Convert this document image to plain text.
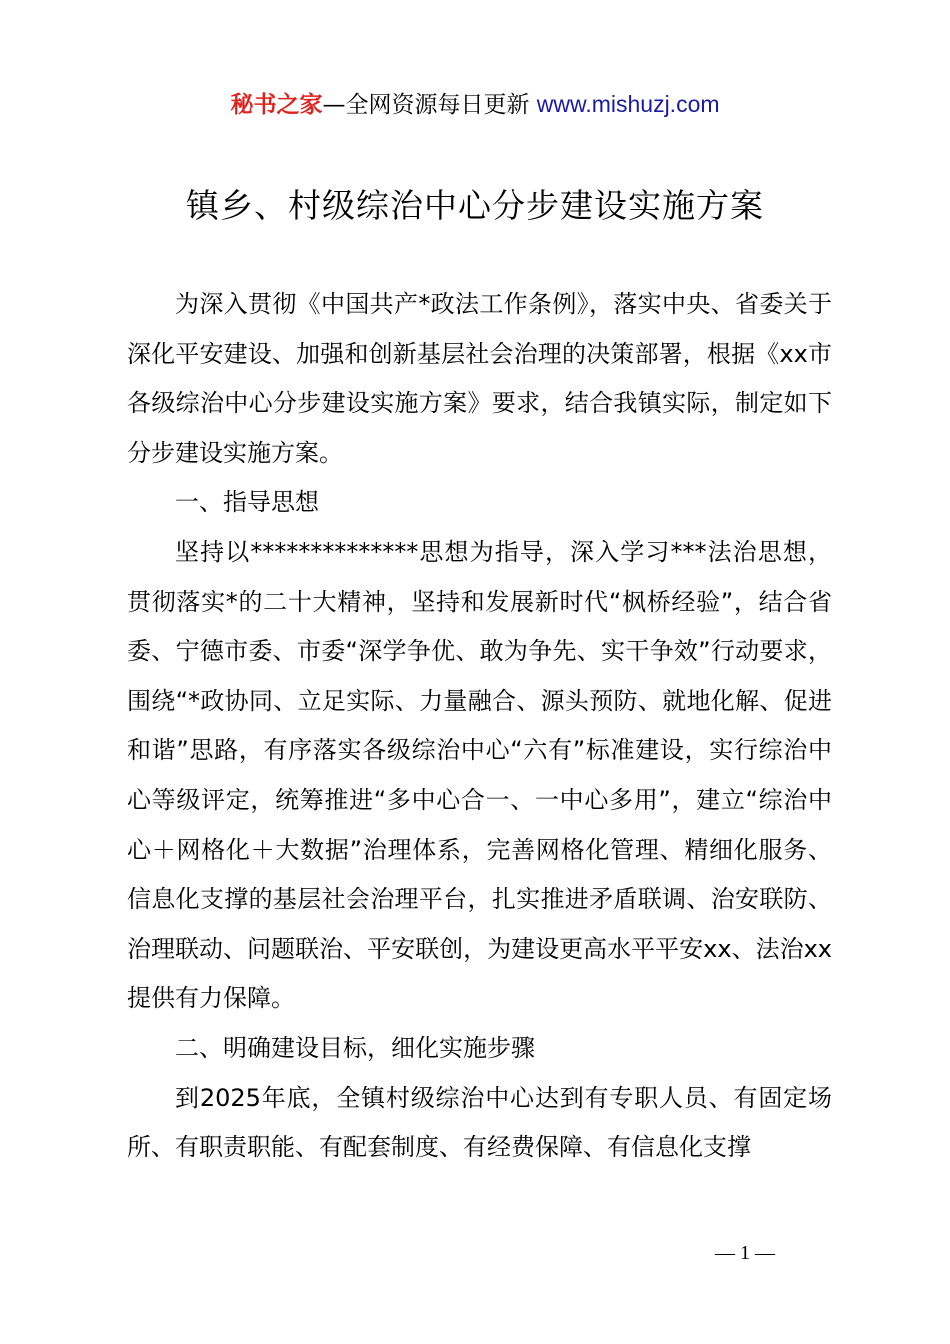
秘书之家—全网资源每日更新 www.mishuzj.com
镇乡、村级综治中心分步建设实施方案

为深入贯彻《中国共产*政法工作条例》，落实中央、省委关于深化平安建设、加强和创新基层社会治理的决策部署，根据《xx市各级综治中心分步建设实施方案》要求，结合我镇实际，制定如下分步建设实施方案。

一、指导思想

坚持以**************思想为指导，深入学习***法治思想，贯彻落实*的二十大精神，坚持和发展新时代“枫桥经验”，结合省委、宁德市委、市委“深学争优、敢为争先、实干争效”行动要求，围绕“*政协同、立足实际、力量融合、源头预防、就地化解、促进和谐”思路，有序落实各级综治中心“六有”标准建设，实行综治中心等级评定，统筹推进“多中心合一、一中心多用”，建立“综治中心＋网格化＋大数据”治理体系，完善网格化管理、精细化服务、信息化支撑的基层社会治理平台，扎实推进矛盾联调、治安联防、治理联动、问题联治、平安联创，为建设更高水平平安xx、法治xx提供有力保障。

二、明确建设目标，细化实施步骤

到2025年底，全镇村级综治中心达到有专职人员、有固定场所、有职责职能、有配套制度、有经费保障、有信息化支撑

— 1 —
